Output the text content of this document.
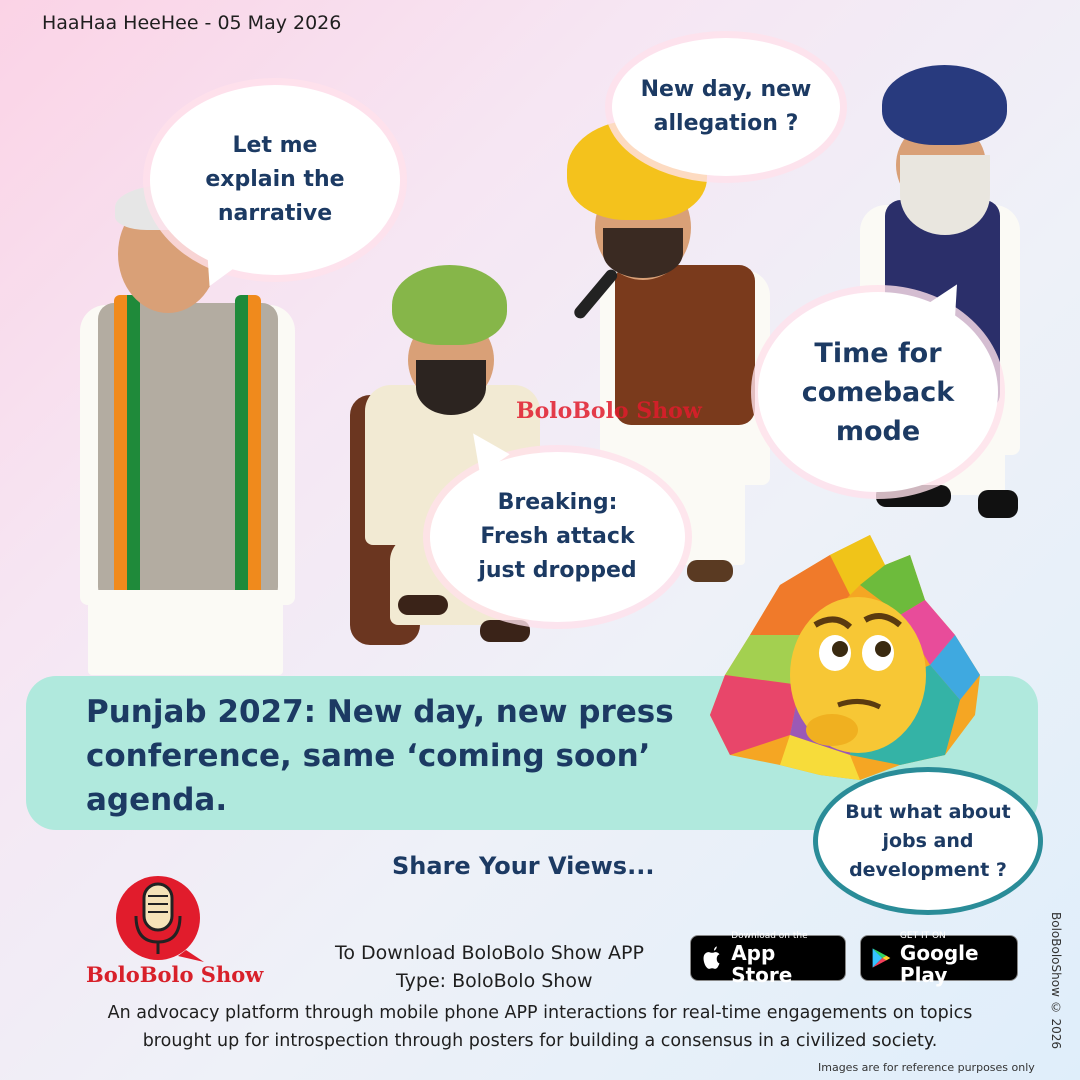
HaaHaa HeeHee - 05 May 2026
BoloBolo Show
Let me
explain the
narrative
New day, new
allegation ?
Time for
comeback
mode
Breaking:
Fresh attack
just dropped
Punjab 2027: New day, new press
conference, same ‘coming soon’
agenda.	But what about
jobs and
development ?
Share Your Views...
BoloBolo Show
To Download BoloBolo Show APP
Type: BoloBolo Show
Download on the
App Store
GET IT ON
Google Play
An advocacy platform through mobile phone APP interactions for real-time engagements on topics
brought up for introspection through posters for building a consensus in a civilized society.
Images are for reference purposes only
BoloBoloShow © 2026
